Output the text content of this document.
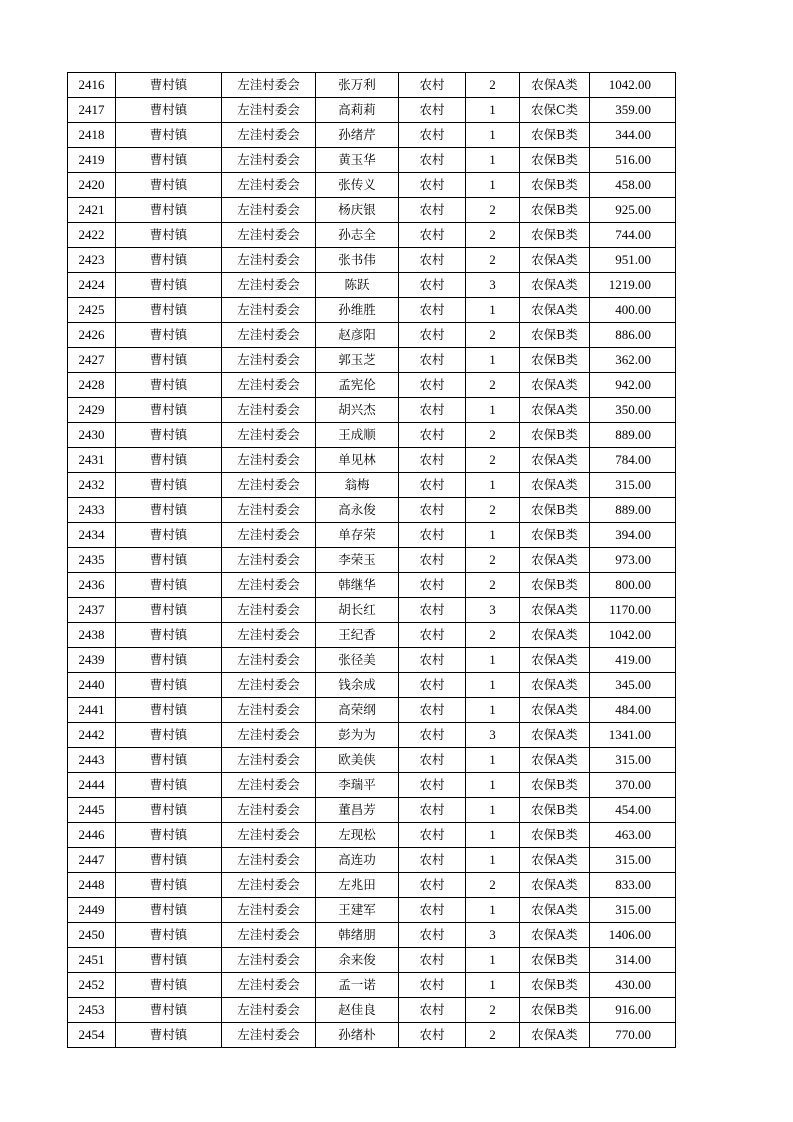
2416	曹村镇	左洼村委会	张万利	农村	2	农保A类	1042.00
2417	曹村镇	左洼村委会	高莉莉	农村	1	农保C类	359.00
2418	曹村镇	左洼村委会	孙绪芹	农村	1	农保B类	344.00
2419	曹村镇	左洼村委会	黄玉华	农村	1	农保B类	516.00
2420	曹村镇	左洼村委会	张传义	农村	1	农保B类	458.00
2421	曹村镇	左洼村委会	杨庆银	农村	2	农保B类	925.00
2422	曹村镇	左洼村委会	孙志全	农村	2	农保B类	744.00
2423	曹村镇	左洼村委会	张书伟	农村	2	农保A类	951.00
2424	曹村镇	左洼村委会	陈跃	农村	3	农保A类	1219.00
2425	曹村镇	左洼村委会	孙维胜	农村	1	农保A类	400.00
2426	曹村镇	左洼村委会	赵彦阳	农村	2	农保B类	886.00
2427	曹村镇	左洼村委会	郭玉芝	农村	1	农保B类	362.00
2428	曹村镇	左洼村委会	孟宪伦	农村	2	农保A类	942.00
2429	曹村镇	左洼村委会	胡兴杰	农村	1	农保A类	350.00
2430	曹村镇	左洼村委会	王成顺	农村	2	农保B类	889.00
2431	曹村镇	左洼村委会	单见林	农村	2	农保A类	784.00
2432	曹村镇	左洼村委会	翁梅	农村	1	农保A类	315.00
2433	曹村镇	左洼村委会	高永俊	农村	2	农保B类	889.00
2434	曹村镇	左洼村委会	单存荣	农村	1	农保B类	394.00
2435	曹村镇	左洼村委会	李荣玉	农村	2	农保A类	973.00
2436	曹村镇	左洼村委会	韩继华	农村	2	农保B类	800.00
2437	曹村镇	左洼村委会	胡长红	农村	3	农保A类	1170.00
2438	曹村镇	左洼村委会	王纪香	农村	2	农保A类	1042.00
2439	曹村镇	左洼村委会	张径美	农村	1	农保A类	419.00
2440	曹村镇	左洼村委会	钱余成	农村	1	农保A类	345.00
2441	曹村镇	左洼村委会	高荣纲	农村	1	农保A类	484.00
2442	曹村镇	左洼村委会	彭为为	农村	3	农保A类	1341.00
2443	曹村镇	左洼村委会	欧美侠	农村	1	农保A类	315.00
2444	曹村镇	左洼村委会	李瑞平	农村	1	农保B类	370.00
2445	曹村镇	左洼村委会	董昌芳	农村	1	农保B类	454.00
2446	曹村镇	左洼村委会	左现松	农村	1	农保B类	463.00
2447	曹村镇	左洼村委会	高连功	农村	1	农保A类	315.00
2448	曹村镇	左洼村委会	左兆田	农村	2	农保A类	833.00
2449	曹村镇	左洼村委会	王建军	农村	1	农保A类	315.00
2450	曹村镇	左洼村委会	韩绪朋	农村	3	农保A类	1406.00
2451	曹村镇	左洼村委会	余来俊	农村	1	农保B类	314.00
2452	曹村镇	左洼村委会	孟一诺	农村	1	农保B类	430.00
2453	曹村镇	左洼村委会	赵佳良	农村	2	农保B类	916.00
2454	曹村镇	左洼村委会	孙绪朴	农村	2	农保A类	770.00
